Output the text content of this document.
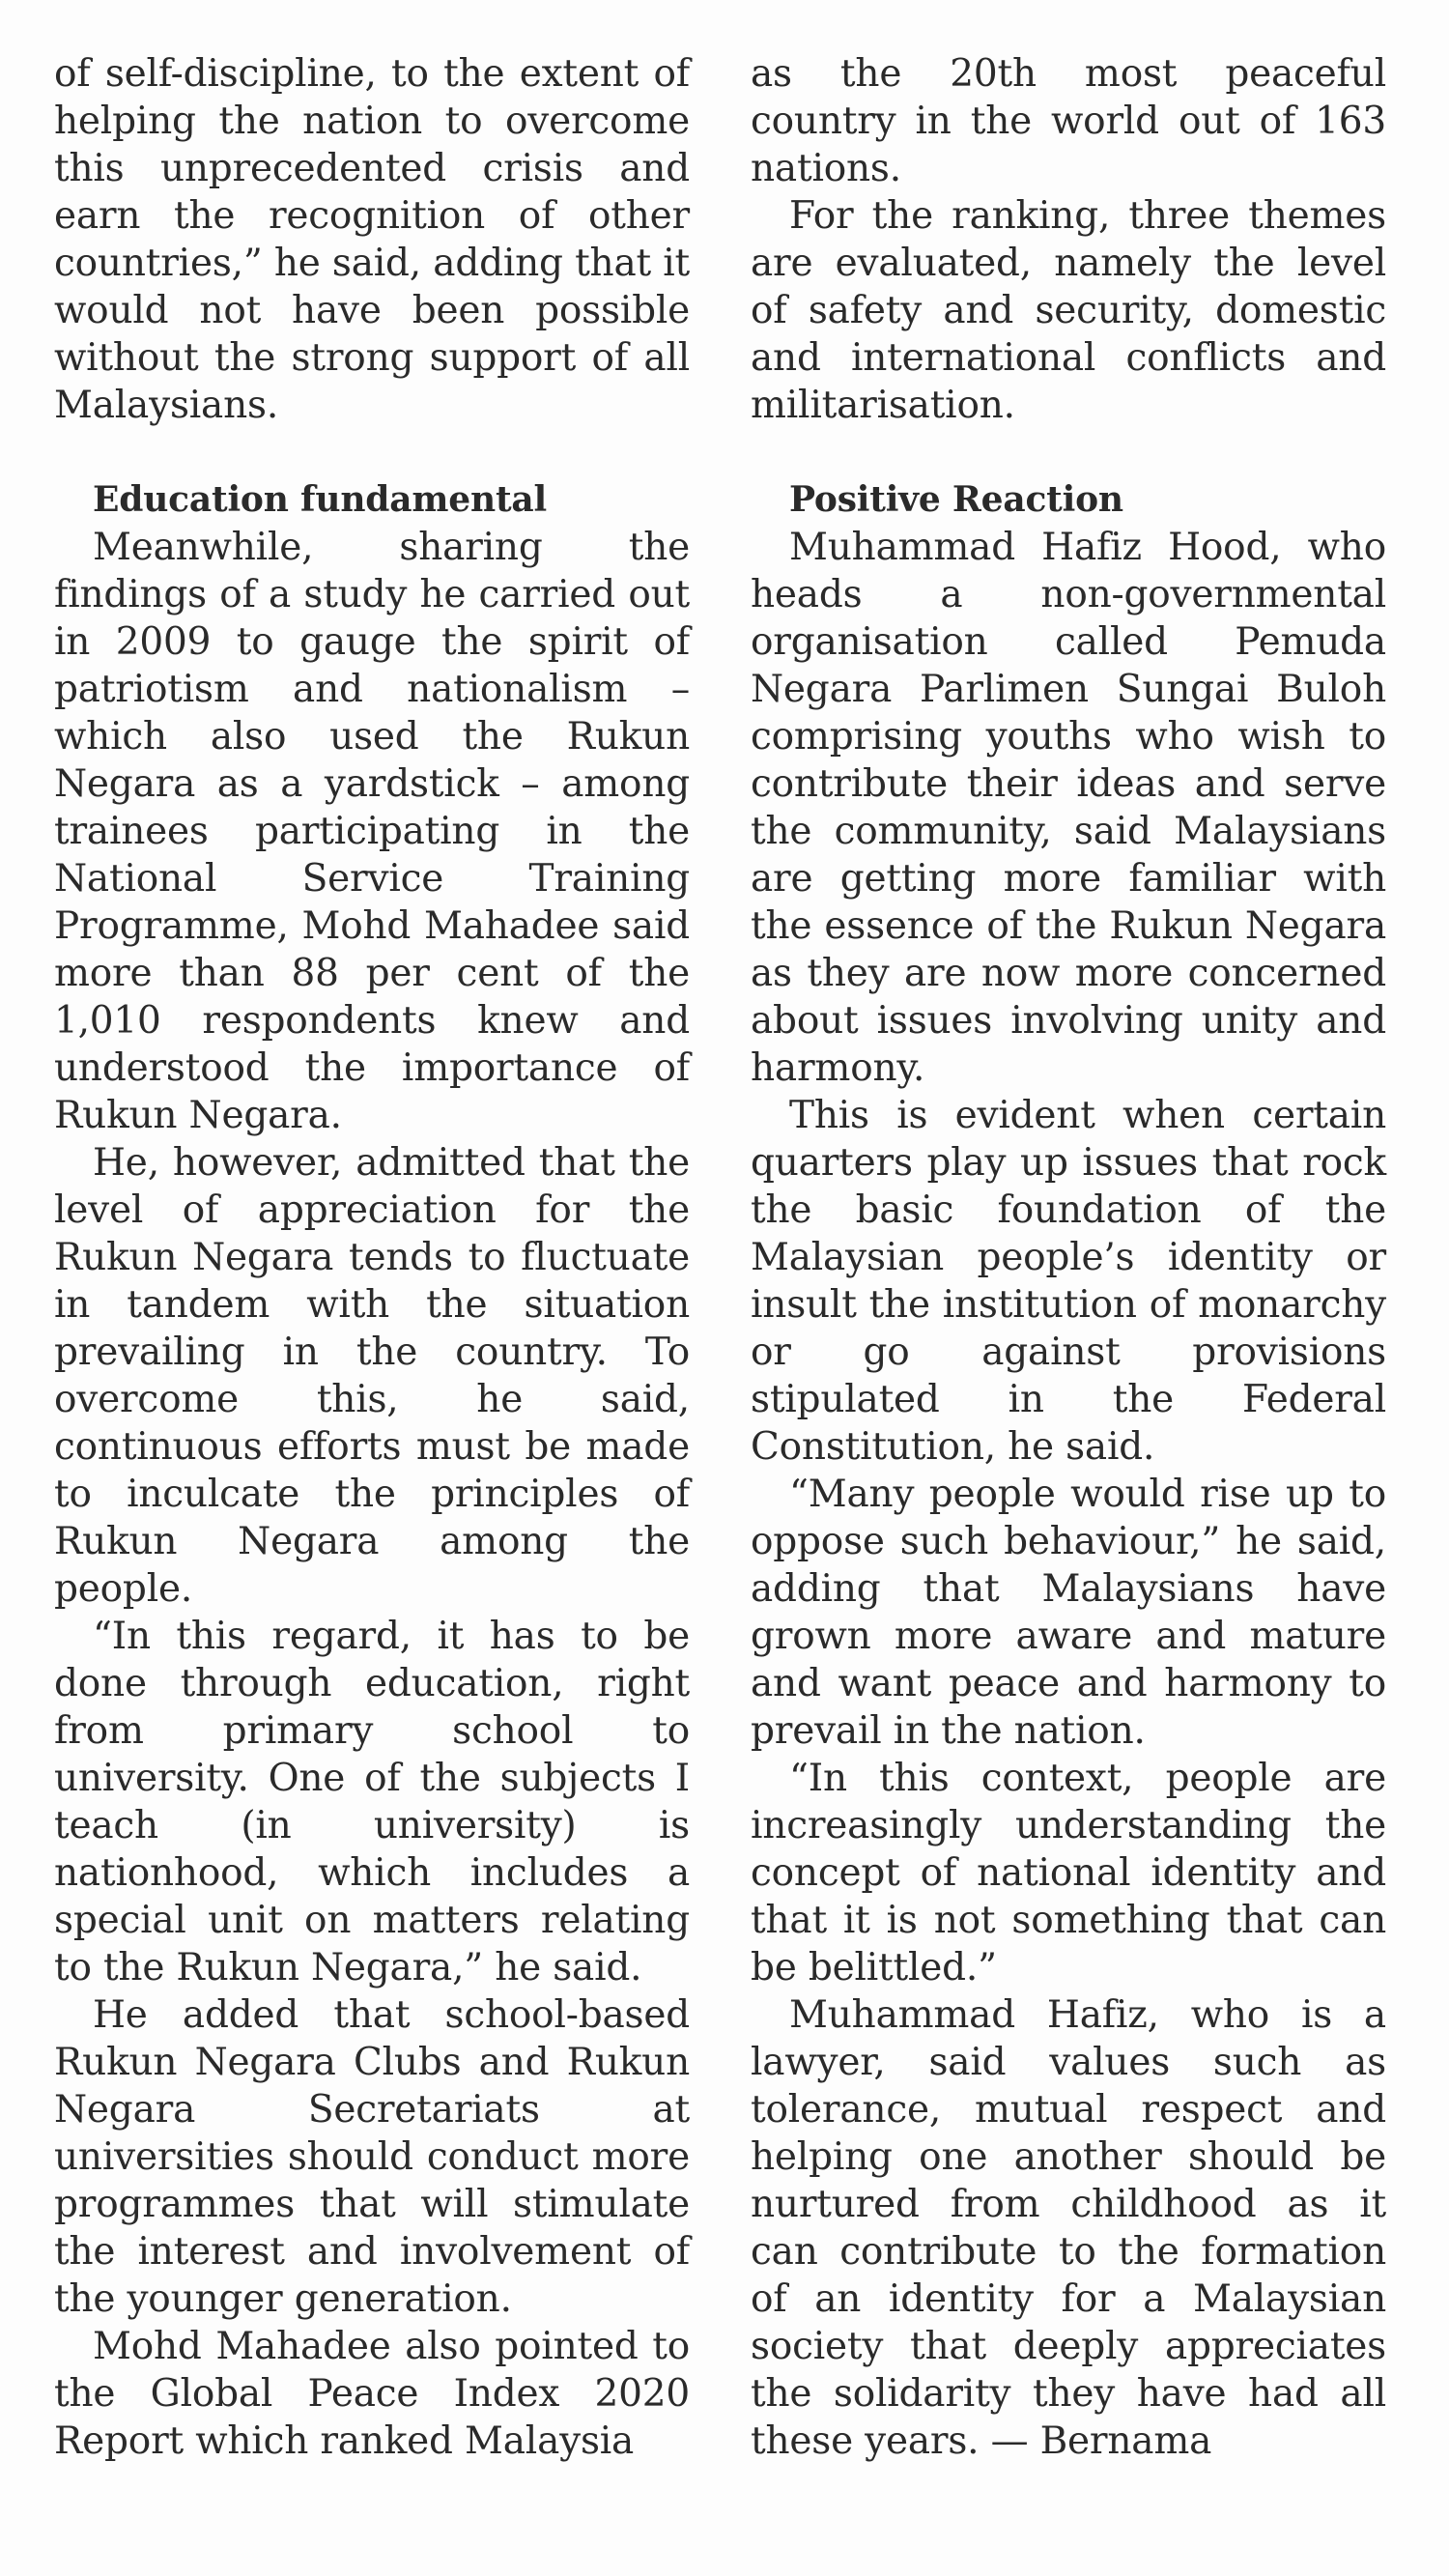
of self-discipline, to the extent of helping the nation to overcome this unprecedented crisis and earn the recognition of other countries,” he said, adding that it would not have been possible without the strong support of all Malaysians.

Education fundamental

Meanwhile, sharing the findings of a study he carried out in 2009 to gauge the spirit of patriotism and nationalism – which also used the Rukun Negara as a yardstick – among trainees participating in the National Service Training Programme, Mohd Mahadee said more than 88 per cent of the 1,010 respondents knew and understood the importance of Rukun Negara.

He, however, admitted that the level of appreciation for the Rukun Negara tends to fluctuate in tandem with the situation prevailing in the country. To overcome this, he said, continuous efforts must be made to inculcate the principles of Rukun Negara among the people.

“In this regard, it has to be done through education, right from primary school to university. One of the subjects I teach (in university) is nationhood, which includes a special unit on matters relating to the Rukun Negara,” he said.

He added that school-based Rukun Negara Clubs and Rukun Negara Secretariats at universities should conduct more programmes that will stimulate the interest and involvement of the younger generation.

Mohd Mahadee also pointed to the Global Peace Index 2020 Report which ranked Malaysia

as the 20th most peaceful country in the world out of 163 nations.

For the ranking, three themes are evaluated, namely the level of safety and security, domestic and international conflicts and militarisation.

Positive Reaction

Muhammad Hafiz Hood, who heads a non-governmental organisation called Pemuda Negara Parlimen Sungai Buloh comprising youths who wish to contribute their ideas and serve the community, said Malaysians are getting more familiar with the essence of the Rukun Negara as they are now more concerned about issues involving unity and harmony.

This is evident when certain quarters play up issues that rock the basic foundation of the Malaysian people’s identity or insult the institution of monarchy or go against provisions stipulated in the Federal Constitution, he said.

“Many people would rise up to oppose such behaviour,” he said, adding that Malaysians have grown more aware and mature and want peace and harmony to prevail in the nation.

“In this context, people are increasingly understanding the concept of national identity and that it is not something that can be belittled.”

Muhammad Hafiz, who is a lawyer, said values such as tolerance, mutual respect and helping one another should be nurtured from childhood as it can contribute to the formation of an identity for a Malaysian society that deeply appreciates the solidarity they have had all these years. — Bernama
